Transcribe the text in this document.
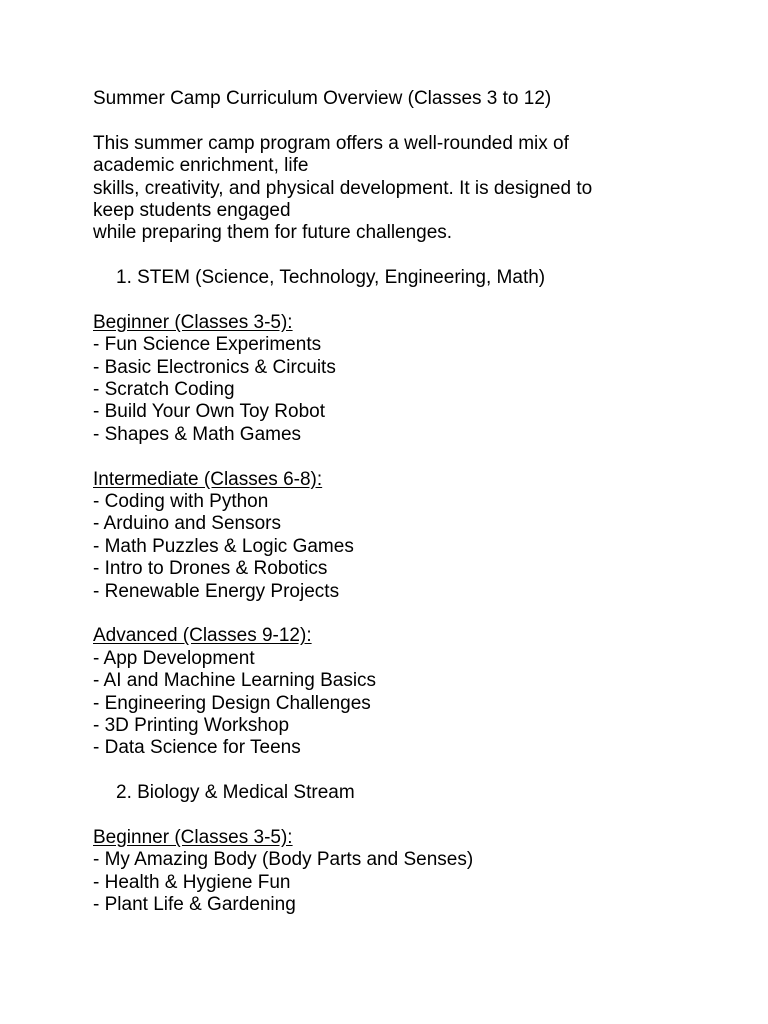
Summer Camp Curriculum Overview (Classes 3 to 12)
This summer camp program offers a well-rounded mix of
academic enrichment, life
skills, creativity, and physical development. It is designed to
keep students engaged
while preparing them for future challenges.
1. STEM (Science, Technology, Engineering, Math)
Beginner (Classes 3-5):
- Fun Science Experiments
- Basic Electronics & Circuits
- Scratch Coding
- Build Your Own Toy Robot
- Shapes & Math Games
Intermediate (Classes 6-8):
- Coding with Python
- Arduino and Sensors
- Math Puzzles & Logic Games
- Intro to Drones & Robotics
- Renewable Energy Projects
Advanced (Classes 9-12):
- App Development
- AI and Machine Learning Basics
- Engineering Design Challenges
- 3D Printing Workshop
- Data Science for Teens
2. Biology & Medical Stream
Beginner (Classes 3-5):
- My Amazing Body (Body Parts and Senses)
- Health & Hygiene Fun
- Plant Life & Gardening
